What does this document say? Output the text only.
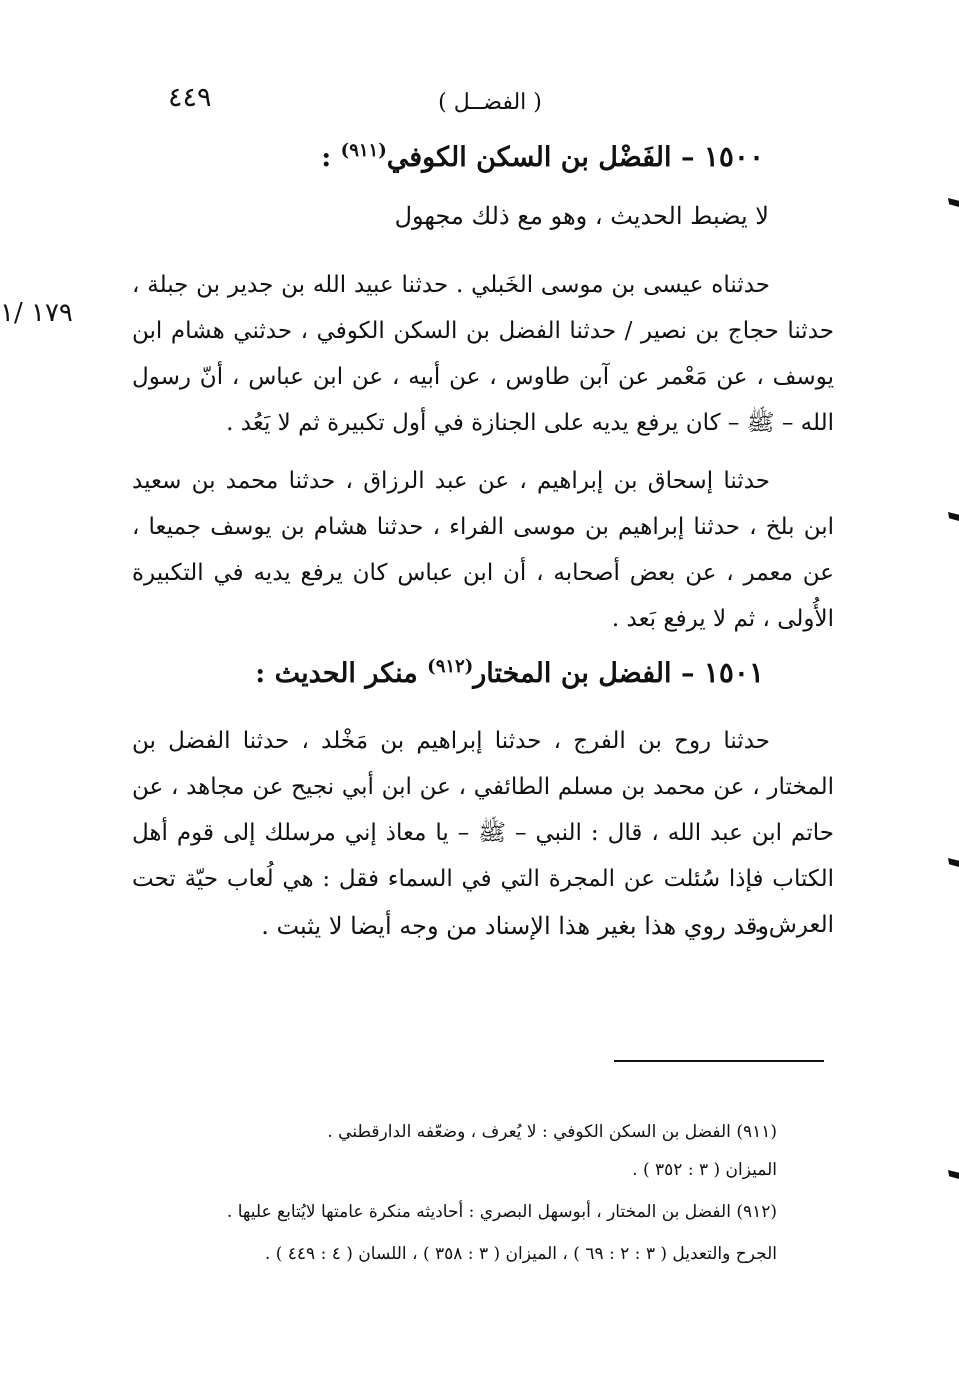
٤٤٩	( الفضــل )
١٧٩ /١
١٥٠٠ – الفَضْل بن السكن الكوفي$^{(٩١١)}$ :
لا يضبط الحديث ، وهو مع ذلك مجهول

حدثناه عيسى بن موسى الخَبلي . حدثنا عبيد الله بن جدير بن جبلة ، حدثنا حجاج بن نصير / حدثنا الفضل بن السكن الكوفي ، حدثني هشام ابن يوسف ، عن مَعْمر عن آبن طاوس ، عن أبيه ، عن ابن عباس ، أنّ رسول الله – ﷺ – كان يرفع يديه على الجنازة في أول تكبيرة ثم لا يَعُد .

حدثنا إسحاق بن إبراهيم ، عن عبد الرزاق ، حدثنا محمد بن سعيد ابن بلخ ، حدثنا إبراهيم بن موسى الفراء ، حدثنا هشام بن يوسف جميعا ، عن معمر ، عن بعض أصحابه ، أن ابن عباس كان يرفع يديه في التكبيرة الأُولى ، ثم لا يرفع بَعد .

١٥٠١ – الفضل بن المختار$^{(٩١٢)}$ منكر الحديث :

حدثنا روح بن الفرج ، حدثنا إبراهيم بن مَخْلد ، حدثنا الفضل بن المختار ، عن محمد بن مسلم الطائفي ، عن ابن أبي نجيح عن مجاهد ، عن حاتم ابن عبد الله ، قال : النبي – ﷺ – يا معاذ إني مرسلك إلى قوم أهل الكتاب فإذا سُئلت عن المجرة التي في السماء فقل : هي لُعاب حيّة تحت العرش .

وقد روي هذا بغير هذا الإسناد من وجه أيضا لا يثبت .
(٩١١) الفضل بن السكن الكوفي : لا يُعرف ، وضعّفه الدارقطني .
الميزان ( ٣ : ٣٥٢ ) .
(٩١٢) الفضل بن المختار ، أبوسهل البصري : أحاديثه منكرة عامتها لايُتابع عليها .
الجرح والتعديل ( ٣ : ٢ : ٦٩ ) ، الميزان ( ٣ : ٣٥٨ ) ، اللسان ( ٤ : ٤٤٩ ) .
